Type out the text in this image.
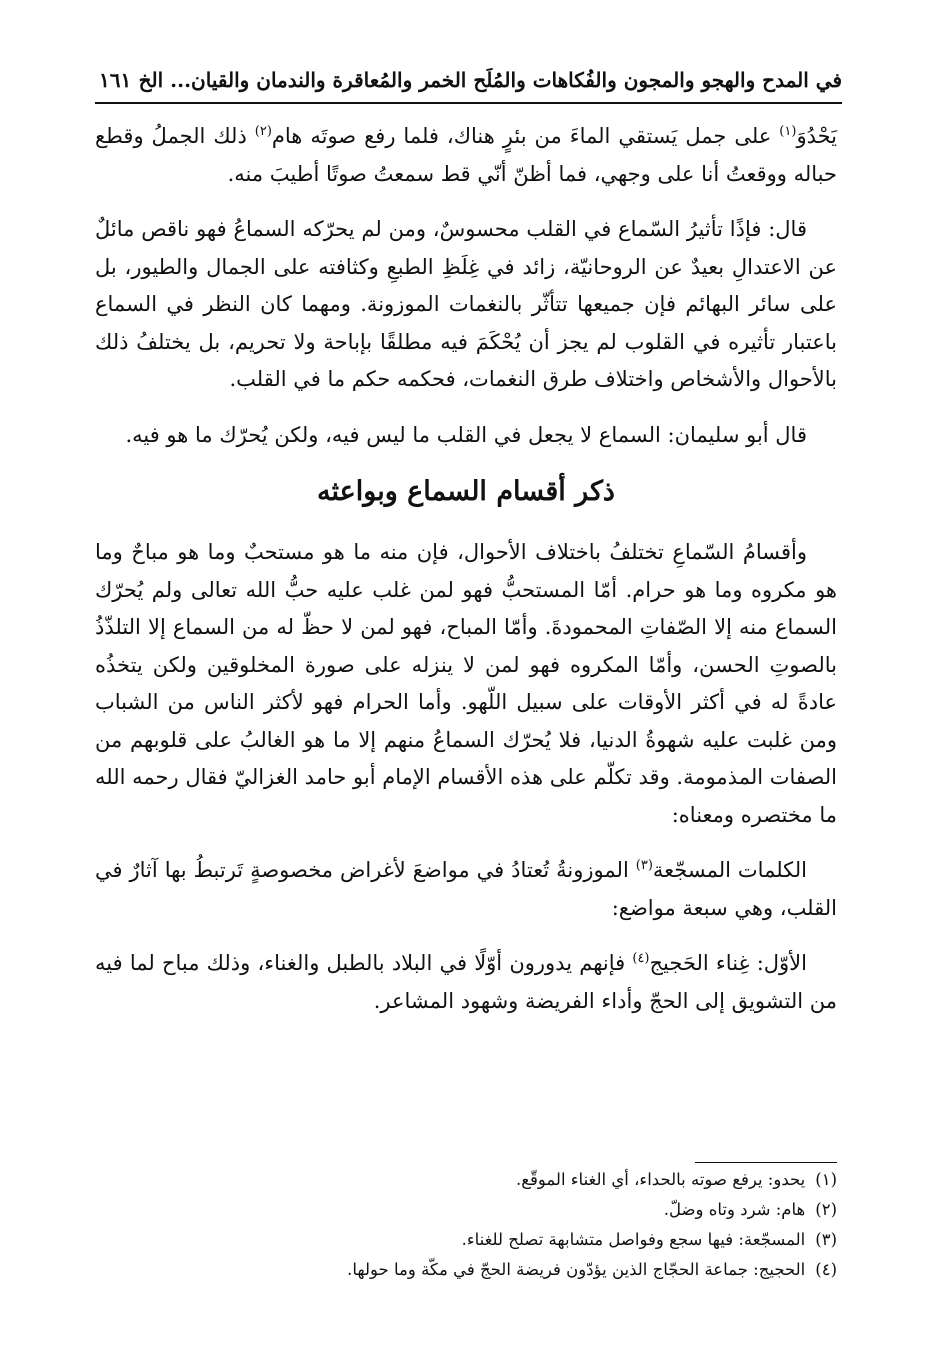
في المدح والهجو والمجون والفُكاهات والمُلَح الخمر والمُعاقرة والندمان والقيان... الخ
١٦١

يَحْدُوَ$^{(١)}$ على جمل يَستقي الماءَ من بئرٍ هناك، فلما رفع صوتَه هام$^{(٢)}$ ذلك الجملُ وقطع حباله ووقعتُ أنا على وجهي، فما أظنّ أنّي قط سمعتُ صوتًا أطيبَ منه.

قال: فإذًا تأثيرُ السّماع في القلب محسوسٌ، ومن لم يحرّكه السماعُ فهو ناقص مائلٌ عن الاعتدالِ بعيدٌ عن الروحانيّة، زائد في غِلَظِ الطبعِ وكثافته على الجمال والطيور، بل على سائر البهائم فإن جميعها تتأثّر بالنغمات الموزونة. ومهما كان النظر في السماع باعتبار تأثيره في القلوب لم يجز أن يُحْكَمَ فيه مطلقًا بإباحة ولا تحريم، بل يختلفُ ذلك بالأحوال والأشخاص واختلاف طرق النغمات، فحكمه حكم ما في القلب.

قال أبو سليمان: السماع لا يجعل في القلب ما ليس فيه، ولكن يُحرّك ما هو فيه.

ذكر أقسام السماع وبواعثه

وأقسامُ السّماعِ تختلفُ باختلاف الأحوال، فإن منه ما هو مستحبٌ وما هو مباحٌ وما هو مكروه وما هو حرام. أمّا المستحبُّ فهو لمن غلب عليه حبُّ الله تعالى ولم يُحرّك السماع منه إلا الصّفاتِ المحمودةَ. وأمّا المباح، فهو لمن لا حظّ له من السماع إلا التلذّذُ بالصوتِ الحسن، وأمّا المكروه فهو لمن لا ينزله على صورة المخلوقين ولكن يتخذُه عادةً له في أكثر الأوقات على سبيل اللّهو. وأما الحرام فهو لأكثر الناس من الشباب ومن غلبت عليه شهوةُ الدنيا، فلا يُحرّك السماعُ منهم إلا ما هو الغالبُ على قلوبهم من الصفات المذمومة. وقد تكلّم على هذه الأقسام الإمام أبو حامد الغزاليّ فقال رحمه الله ما مختصره ومعناه:

الكلمات المسجّعة$^{(٣)}$ الموزونةُ تُعتادُ في مواضعَ لأغراض مخصوصةٍ تَرتبطُ بها آثارٌ في القلب، وهي سبعة مواضع:

الأوّل: غِناء الحَجيج$^{(٤)}$ فإنهم يدورون أوّلًا في البلاد بالطبل والغناء، وذلك مباح لما فيه من التشويق إلى الحجّ وأداء الفريضة وشهود المشاعر.

(١)يحدو: يرفع صوته بالحداء، أي الغناء الموقّع.
(٢)هام: شرد وتاه وضلّ.
(٣)المسجّعة: فيها سجع وفواصل متشابهة تصلح للغناء.
(٤)الحجيج: جماعة الحجّاج الذين يؤدّون فريضة الحجّ في مكّة وما حولها.
